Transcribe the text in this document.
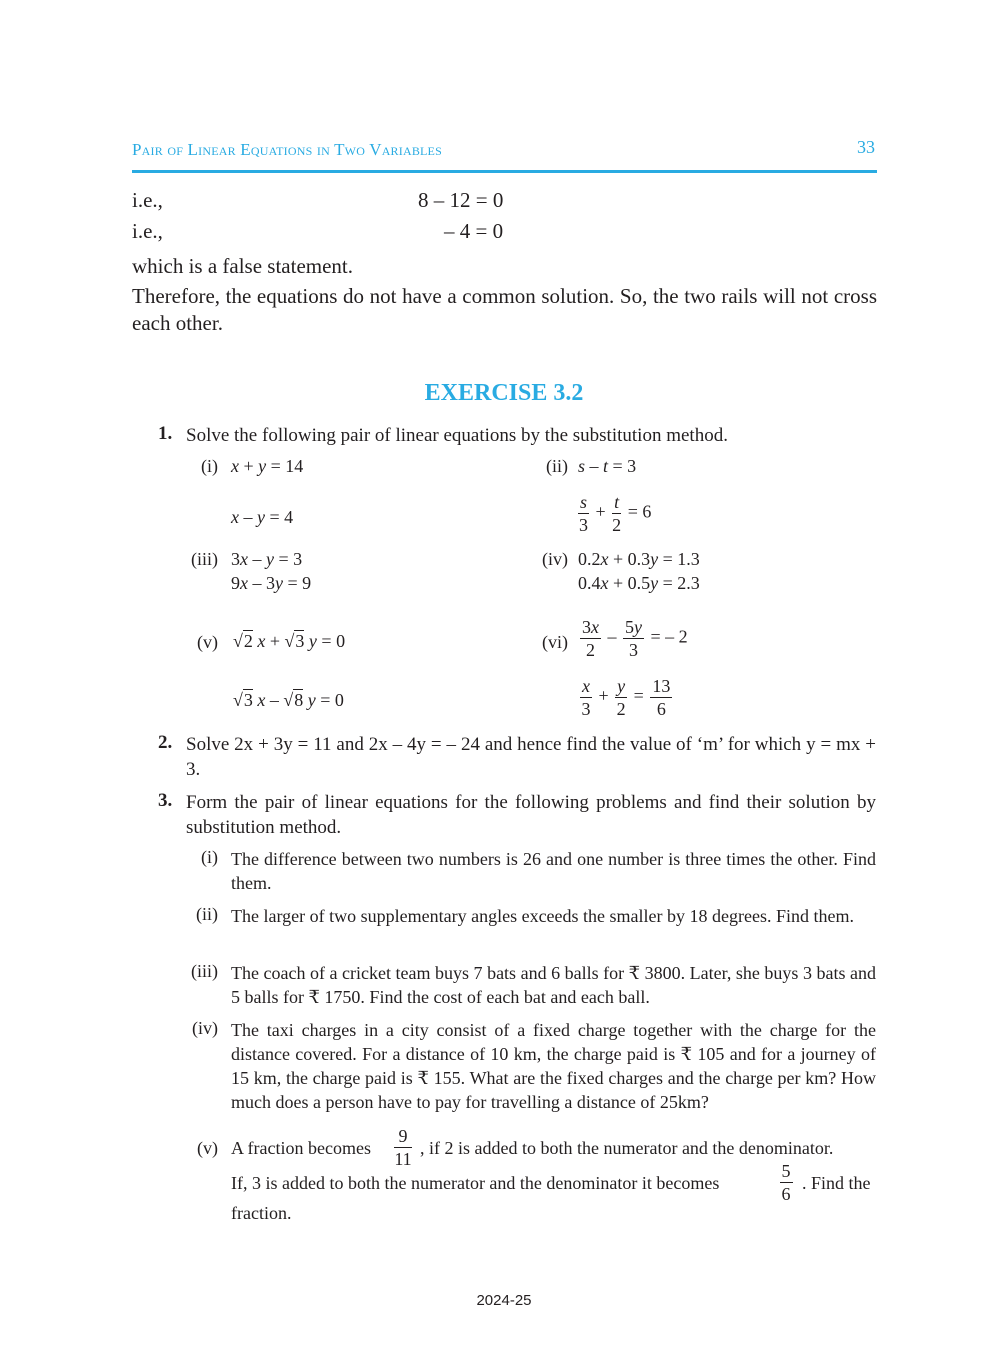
Pair of Linear Equations in Two Variables	33
i.e.,	8 – 12 = 0
i.e.,	– 4 = 0
which is a false statement.
Therefore, the equations do not have a common solution. So, the two rails will not cross each other.
EXERCISE 3.2
1. Solve the following pair of linear equations by the substitution method.
(i) x + y = 14
x – y = 4
(ii) s – t = 3
$\frac{s}{3} + \frac{t}{2} = 6$
(iii) 3x – y = 3
9x – 3y = 9
(iv) 0.2x + 0.3y = 1.3
0.4x + 0.5y = 2.3
(v) √2 x + √3 y = 0
√3 x – √8 y = 0
$(vi) \frac{3x}{2} - \frac{5y}{3}$ = – 2
$\frac{x}{3} + \frac{y}{2} = \frac{13}{6}$
2. Solve 2x + 3y = 11 and 2x – 4y = – 24 and hence find the value of ‘m’ for which y = mx + 3.
3. Form the pair of linear equations for the following problems and find their solution by substitution method.
(i) The difference between two numbers is 26 and one number is three times the other. Find them.
(ii) The larger of two supplementary angles exceeds the smaller by 18 degrees. Find them.
(iii) The coach of a cricket team buys 7 bats and 6 balls for ₹ 3800. Later, she buys 3 bats and 5 balls for ₹ 1750. Find the cost of each bat and each ball.
(iv) The taxi charges in a city consist of a fixed charge together with the charge for the distance covered. For a distance of 10 km, the charge paid is ₹ 105 and for a journey of 15 km, the charge paid is ₹ 155. What are the fixed charges and the charge per km? How much does a person have to pay for travelling a distance of 25km?
(v) A fraction becomes $\frac{9}{11}$ , if 2 is added to both the numerator and the denominator.
If, 3 is added to both the numerator and the denominator it becomes	$\frac{5}{6}$ . Find the
fraction.
2024-25
